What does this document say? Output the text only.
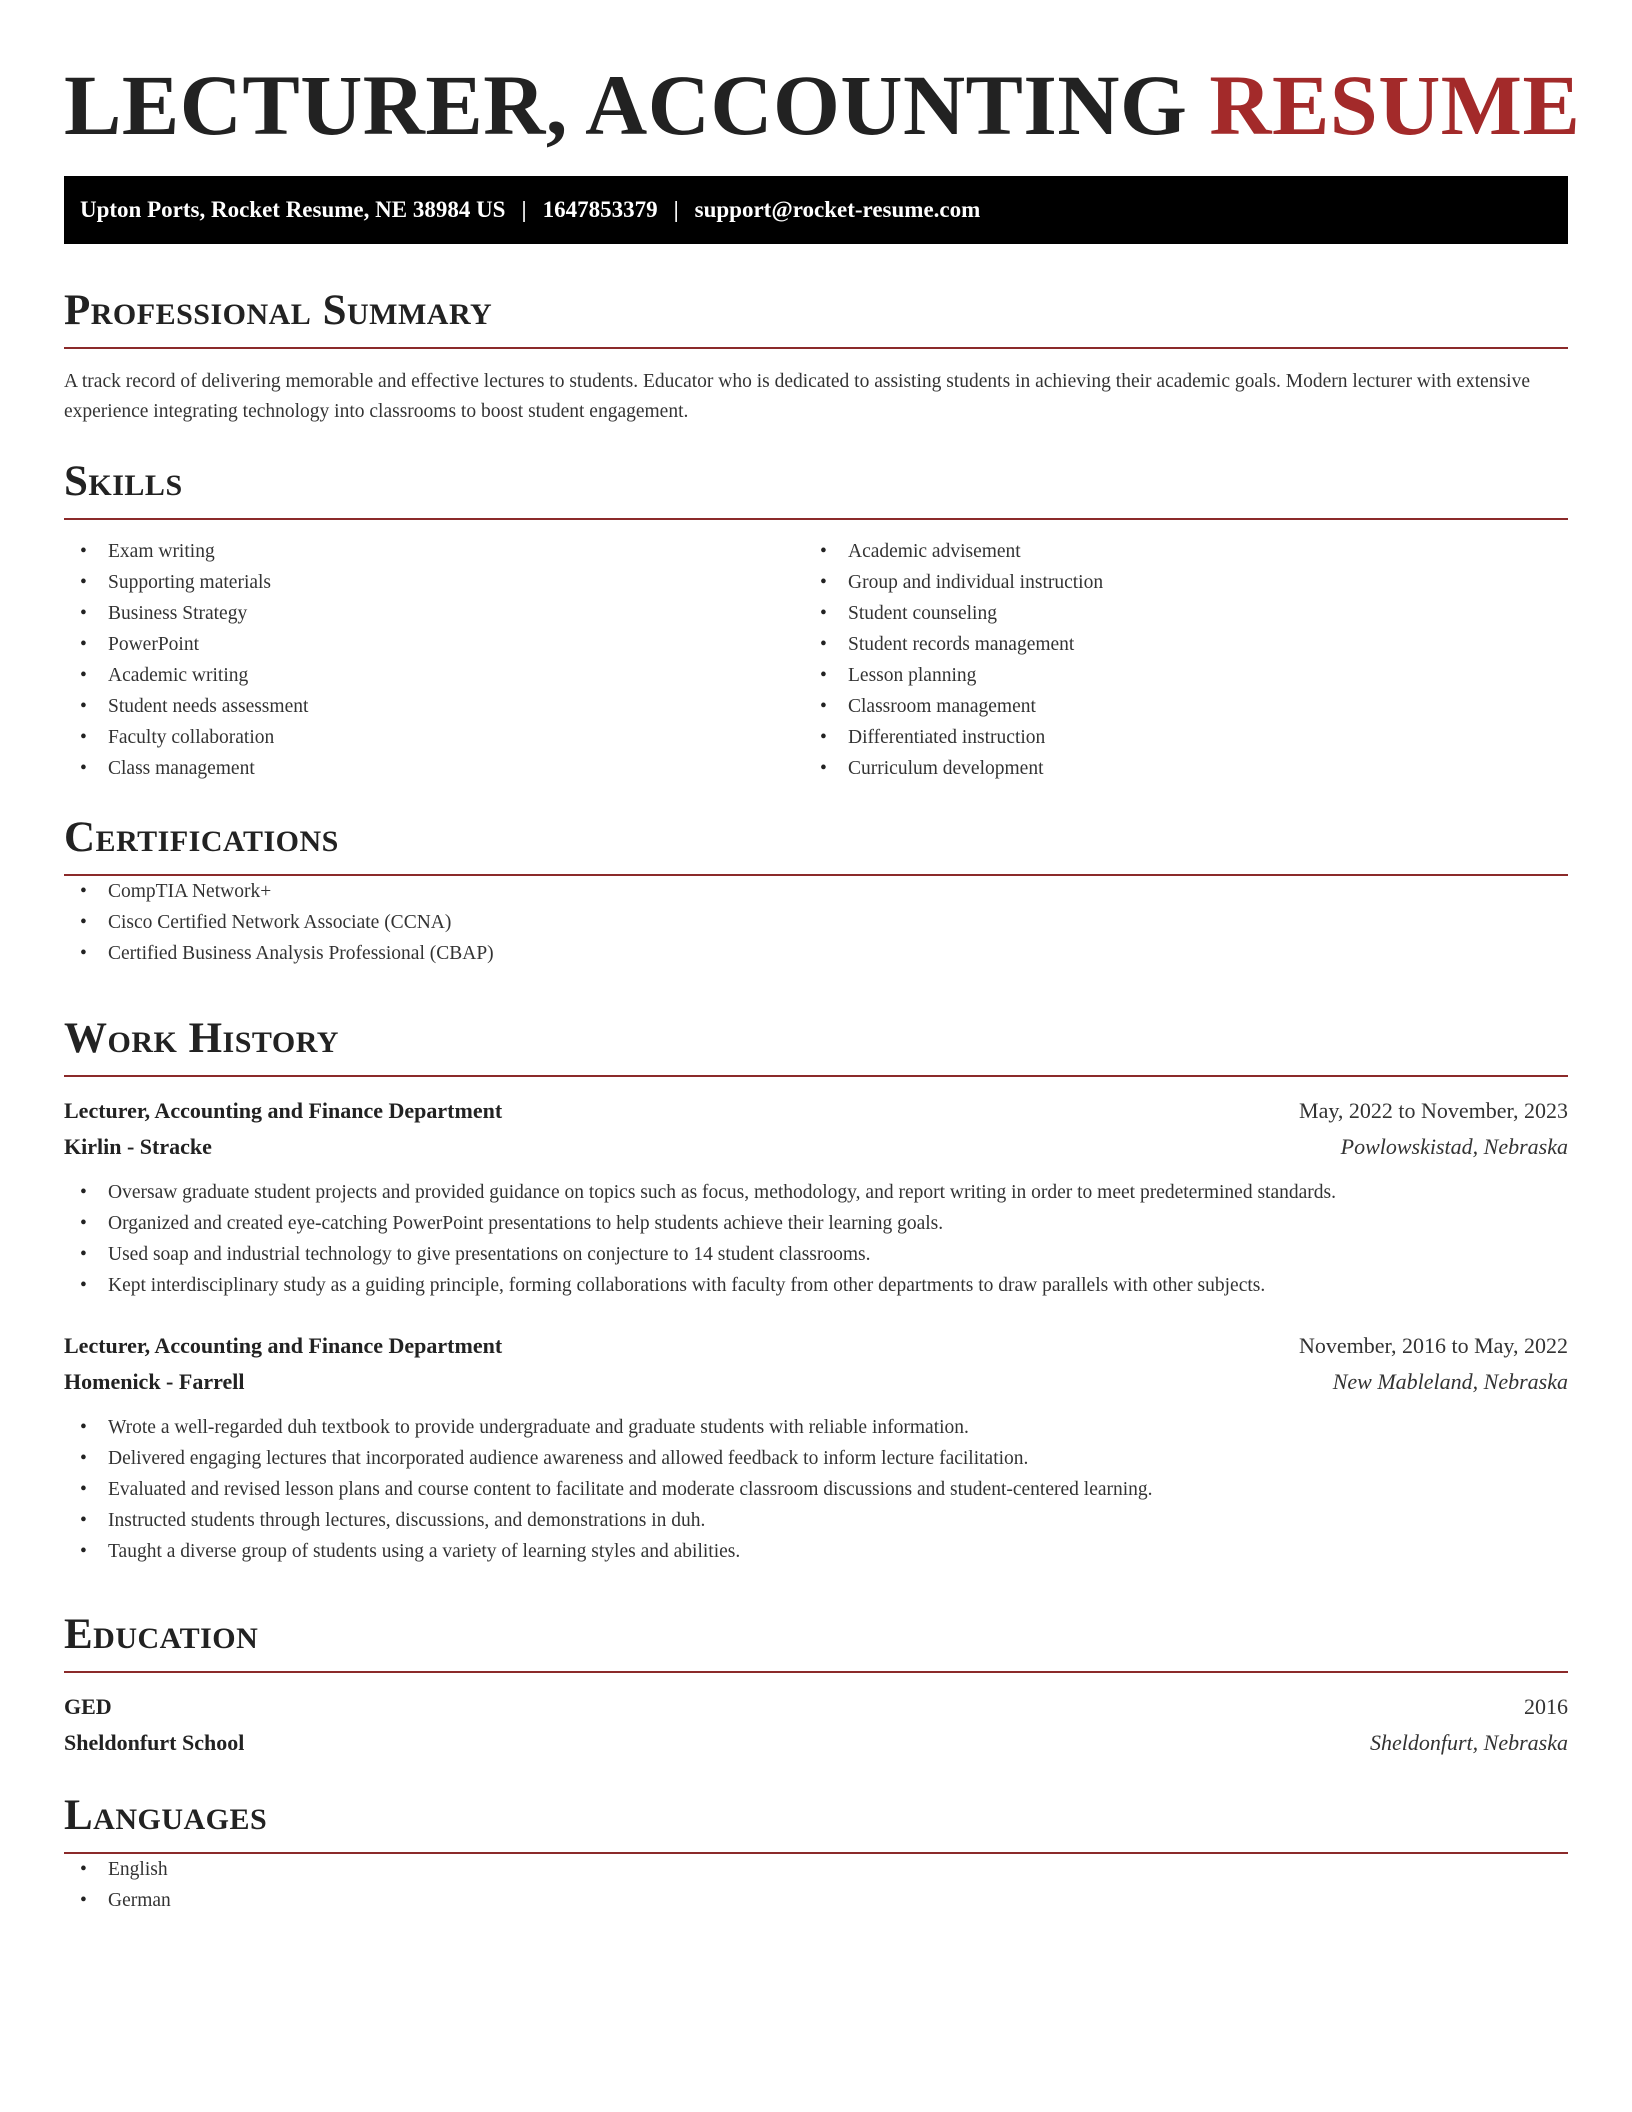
LECTURER, ACCOUNTING RESUME
Upton Ports, Rocket Resume, NE 38984 US | 1647853379 | support@rocket-resume.com
Professional Summary

A track record of delivering memorable and effective lectures to students. Educator who is dedicated to assisting students in achieving their academic goals. Modern lecturer with extensive experience integrating technology into classrooms to boost student engagement.

Skills
• Exam writing
• Supporting materials
• Business Strategy
• PowerPoint
• Academic writing
• Student needs assessment
• Faculty collaboration
• Class management
• Academic advisement
• Group and individual instruction
• Student counseling
• Student records management
• Lesson planning
• Classroom management
• Differentiated instruction
• Curriculum development
Certifications
• CompTIA Network+
• Cisco Certified Network Associate (CCNA)
• Certified Business Analysis Professional (CBAP)
Work History
Lecturer, Accounting and Finance Department	May, 2022 to November, 2023
Kirlin - Stracke	Powlowskistad, Nebraska
• Oversaw graduate student projects and provided guidance on topics such as focus, methodology, and report writing in order to meet predetermined standards.
• Organized and created eye-catching PowerPoint presentations to help students achieve their learning goals.
• Used soap and industrial technology to give presentations on conjecture to 14 student classrooms.
• Kept interdisciplinary study as a guiding principle, forming collaborations with faculty from other departments to draw parallels with other subjects.
Lecturer, Accounting and Finance Department	November, 2016 to May, 2022
Homenick - Farrell	New Mableland, Nebraska
• Wrote a well-regarded duh textbook to provide undergraduate and graduate students with reliable information.
• Delivered engaging lectures that incorporated audience awareness and allowed feedback to inform lecture facilitation.
• Evaluated and revised lesson plans and course content to facilitate and moderate classroom discussions and student-centered learning.
• Instructed students through lectures, discussions, and demonstrations in duh.
• Taught a diverse group of students using a variety of learning styles and abilities.
Education
GED	2016
Sheldonfurt School	Sheldonfurt, Nebraska
Languages
• English
• German
